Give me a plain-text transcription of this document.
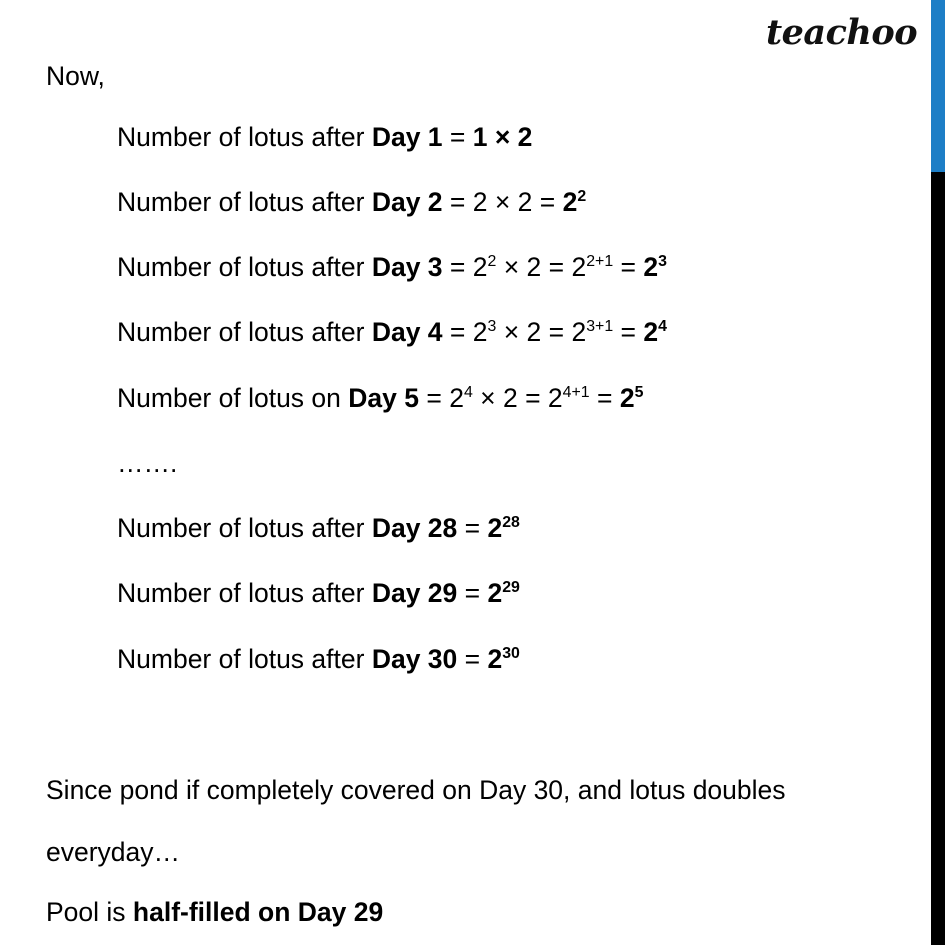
teachoo
Now,
Number of lotus after Day 1 = 1 × 2
Number of lotus after Day $2 = 2 \times 2 = 2^2$
Number of lotus after Day $3 = 2^2 \times 2 = 2^{2+1} = 2^3$
Number of lotus after Day $4 = 2^3 \times 2 = 2^{3+1} = 2^4$
Number of lotus on Day $5 = 2^4 \times 2 = 2^{4+1} = 2^5$
…….
Number of lotus after Day $28 = 2^{28}$
Number of lotus after Day $29 = 2^{29}$
Number of lotus after Day $30 = 2^{30}$
Since pond if completely covered on Day 30, and lotus doubles everyday…
Pool is half-filled on Day 29
